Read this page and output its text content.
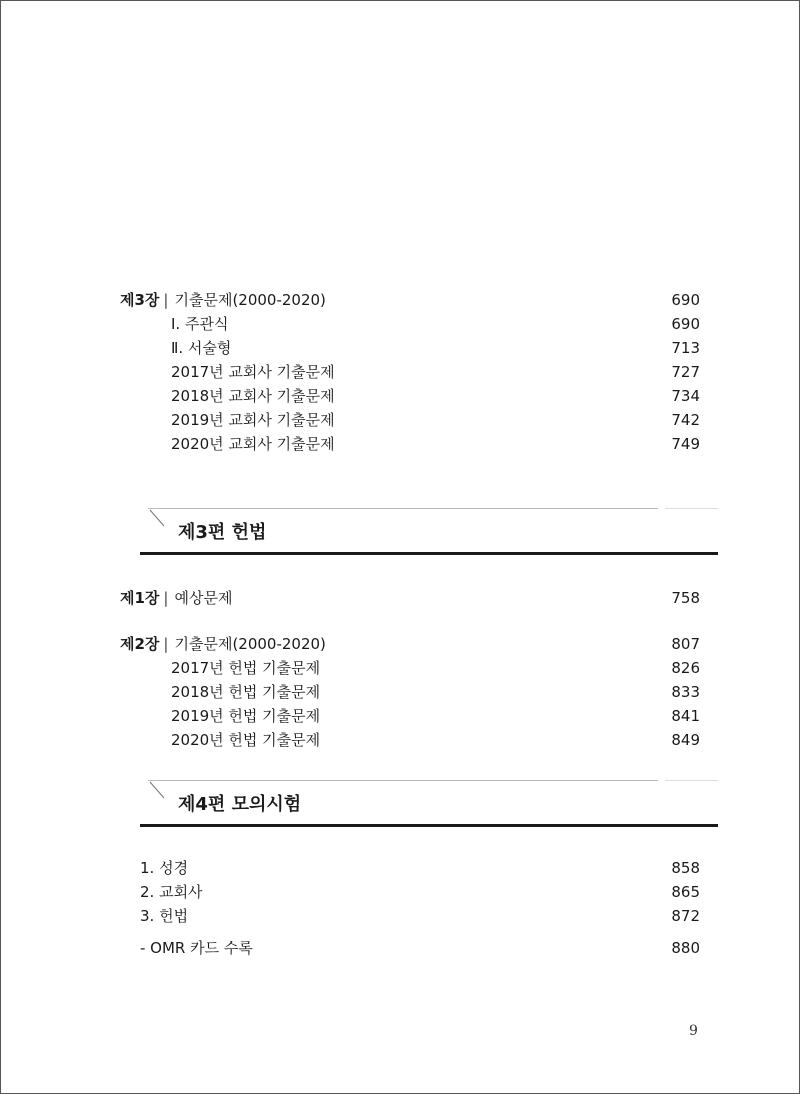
제3장 | 기출문제(2000-2020)	690
Ⅰ. 주관식	690
Ⅱ. 서술형	713
2017년 교회사 기출문제	727
2018년 교회사 기출문제	734
2019년 교회사 기출문제	742
2020년 교회사 기출문제	749
제3편 헌법
제1장 | 예상문제	758
제2장 | 기출문제(2000-2020)	807
2017년 헌법 기출문제	826
2018년 헌법 기출문제	833
2019년 헌법 기출문제	841
2020년 헌법 기출문제	849
제4편 모의시험
1. 성경	858
2. 교회사	865
3. 헌법	872
- OMR 카드 수록	880
9
